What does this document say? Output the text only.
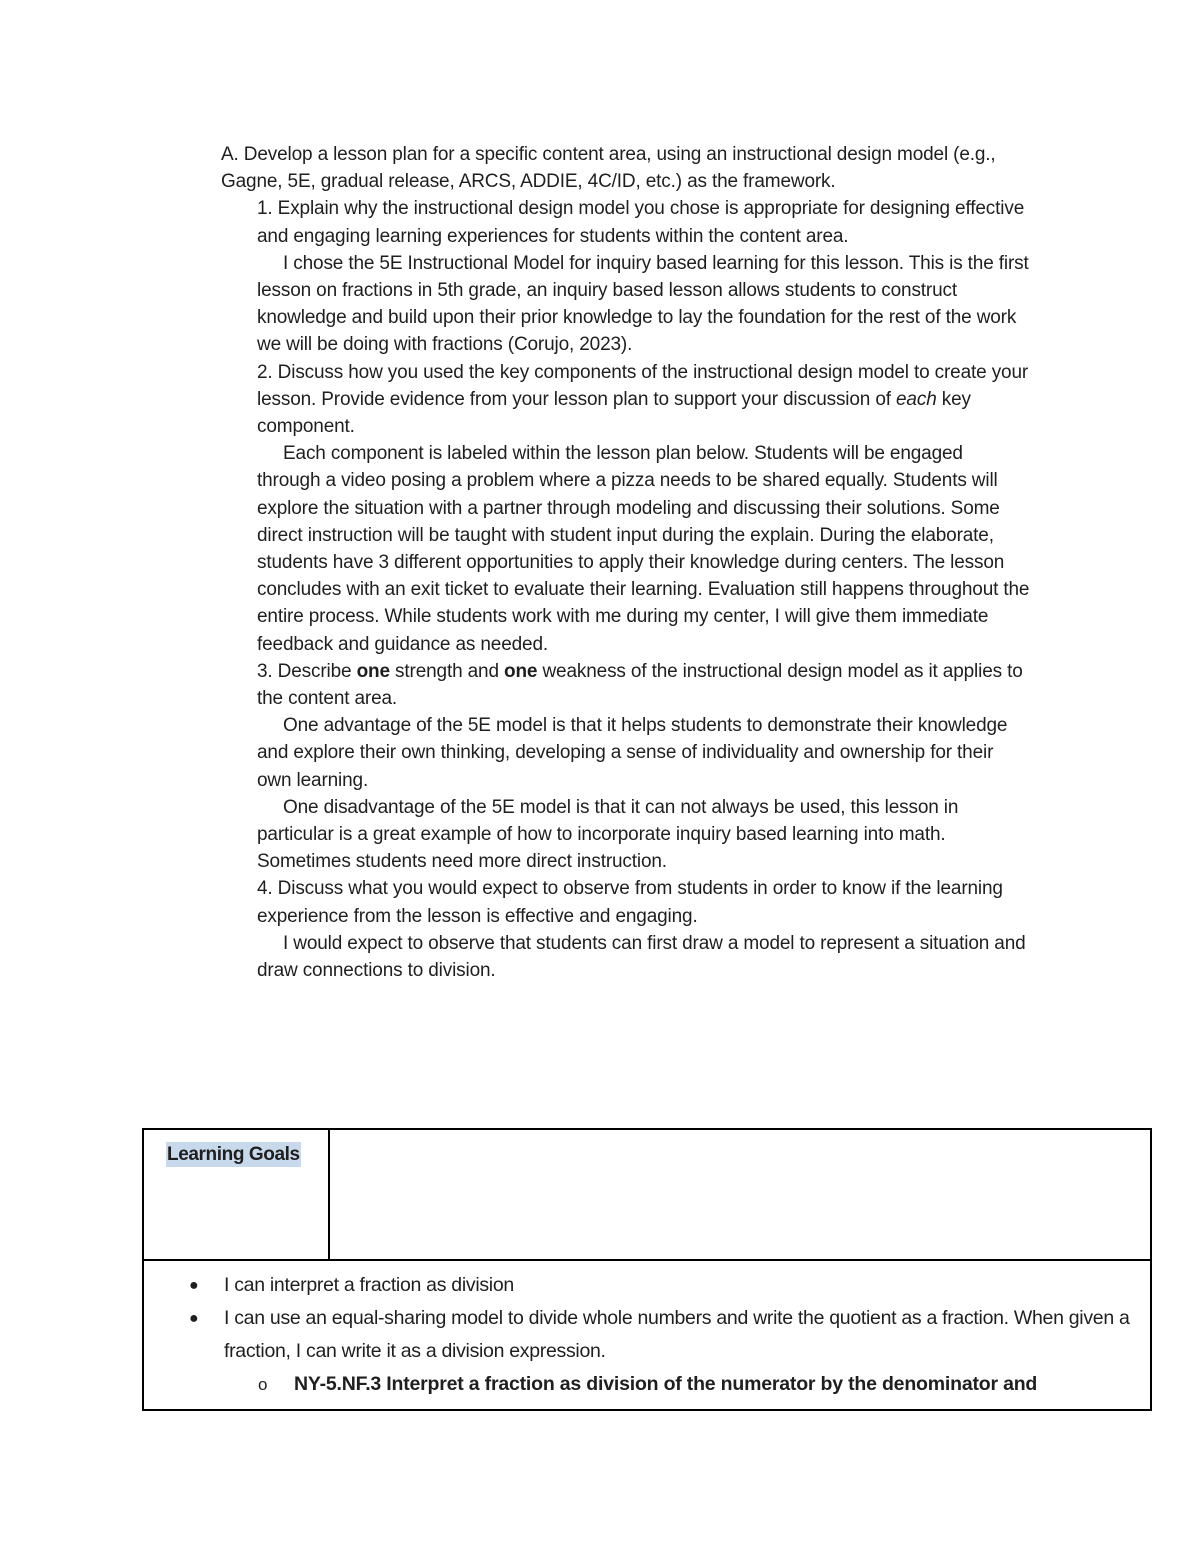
A. Develop a lesson plan for a specific content area, using an instructional design model (e.g., Gagne, 5E, gradual release, ARCS, ADDIE, 4C/ID, etc.) as the framework.

1. Explain why the instructional design model you chose is appropriate for designing effective and engaging learning experiences for students within the content area.

I chose the 5E Instructional Model for inquiry based learning for this lesson. This is the first lesson on fractions in 5th grade, an inquiry based lesson allows students to construct knowledge and build upon their prior knowledge to lay the foundation for the rest of the work we will be doing with fractions (Corujo, 2023).

2. Discuss how you used the key components of the instructional design model to create your lesson. Provide evidence from your lesson plan to support your discussion of each key component.

Each component is labeled within the lesson plan below. Students will be engaged through a video posing a problem where a pizza needs to be shared equally. Students will explore the situation with a partner through modeling and discussing their solutions. Some direct instruction will be taught with student input during the explain. During the elaborate, students have 3 different opportunities to apply their knowledge during centers. The lesson concludes with an exit ticket to evaluate their learning. Evaluation still happens throughout the entire process. While students work with me during my center, I will give them immediate feedback and guidance as needed.

3. Describe one strength and one weakness of the instructional design model as it applies to the content area.

One advantage of the 5E model is that it helps students to demonstrate their knowledge and explore their own thinking, developing a sense of individuality and ownership for their own learning.

One disadvantage of the 5E model is that it can not always be used, this lesson in particular is a great example of how to incorporate inquiry based learning into math. Sometimes students need more direct instruction.

4. Discuss what you would expect to observe from students in order to know if the learning experience from the lesson is effective and engaging.

I would expect to observe that students can first draw a model to represent a situation and draw connections to division.

Learning Goals
● I can interpret a fraction as division
● I can use an equal-sharing model to divide whole numbers and write the quotient as a fraction. When given a fraction, I can write it as a division expression.
o NY-5.NF.3 Interpret a fraction as division of the numerator by the denominator and
